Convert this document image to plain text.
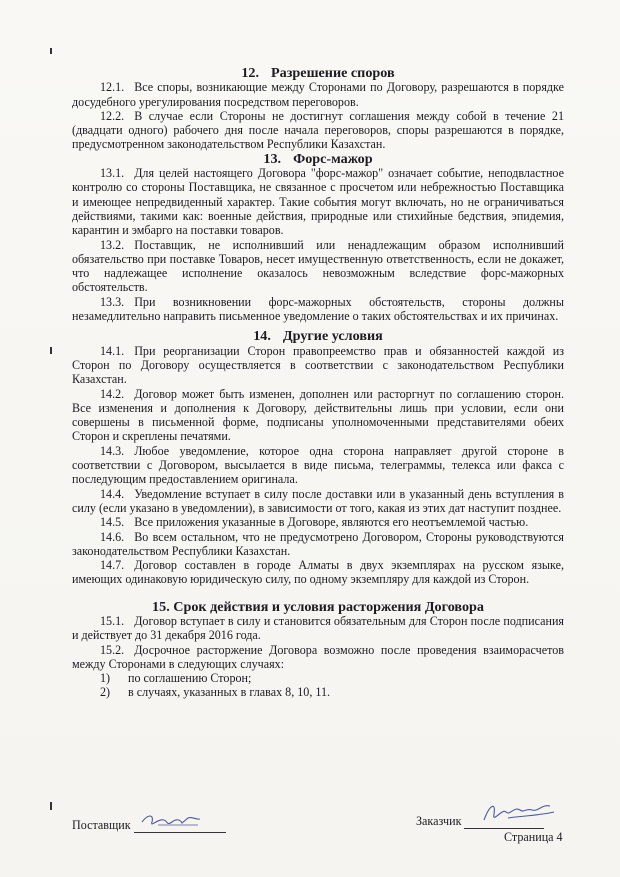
12. Разрешение споров

12.1. Все споры, возникающие между Сторонами по Договору, разрешаются в порядке досудебного урегулирования посредством переговоров.

12.2. В случае если Стороны не достигнут соглашения между собой в течение 21 (двадцати одного) рабочего дня после начала переговоров, споры разрешаются в порядке, предусмотренном законодательством Республики Казахстан.

13. Форс-мажор

13.1. Для целей настоящего Договора "форс-мажор" означает событие, неподвластное контролю со стороны Поставщика, не связанное с просчетом или небрежностью Поставщика и имеющее непредвиденный характер. Такие события могут включать, но не ограничиваться действиями, такими как: военные действия, природные или стихийные бедствия, эпидемия, карантин и эмбарго на поставки товаров.

13.2. Поставщик, не исполнивший или ненадлежащим образом исполнивший обязательство при поставке Товаров, несет имущественную ответственность, если не докажет, что надлежащее исполнение оказалось невозможным вследствие форс-мажорных обстоятельств.

13.3. При возникновении форс-мажорных обстоятельств, стороны должны незамедлительно направить письменное уведомление о таких обстоятельствах и их причинах.

14. Другие условия

14.1. При реорганизации Сторон правопреемство прав и обязанностей каждой из Сторон по Договору осуществляется в соответствии с законодательством Республики Казахстан.

14.2. Договор может быть изменен, дополнен или расторгнут по соглашению сторон. Все изменения и дополнения к Договору, действительны лишь при условии, если они совершены в письменной форме, подписаны уполномоченными представителями обеих Сторон и скреплены печатями.

14.3. Любое уведомление, которое одна сторона направляет другой стороне в соответствии с Договором, высылается в виде письма, телеграммы, телекса или факса с последующим предоставлением оригинала.

14.4. Уведомление вступает в силу после доставки или в указанный день вступления в силу (если указано в уведомлении), в зависимости от того, какая из этих дат наступит позднее.

14.5. Все приложения указанные в Договоре, являются его неотъемлемой частью.

14.6. Во всем остальном, что не предусмотрено Договором, Стороны руководствуются законодательством Республики Казахстан.

14.7. Договор составлен в городе Алматы в двух экземплярах на русском языке, имеющих одинаковую юридическую силу, по одному экземпляру для каждой из Сторон.

15. Срок действия и условия расторжения Договора

15.1. Договор вступает в силу и становится обязательным для Сторон после подписания и действует до 31 декабря 2016 года.

15.2. Досрочное расторжение Договора возможно после проведения взаиморасчетов между Сторонами в следующих случаях:

1) по соглашению Сторон;
2) в случаях, указанных в главах 8, 10, 11.
Поставщик	Заказчик
Страница 4
